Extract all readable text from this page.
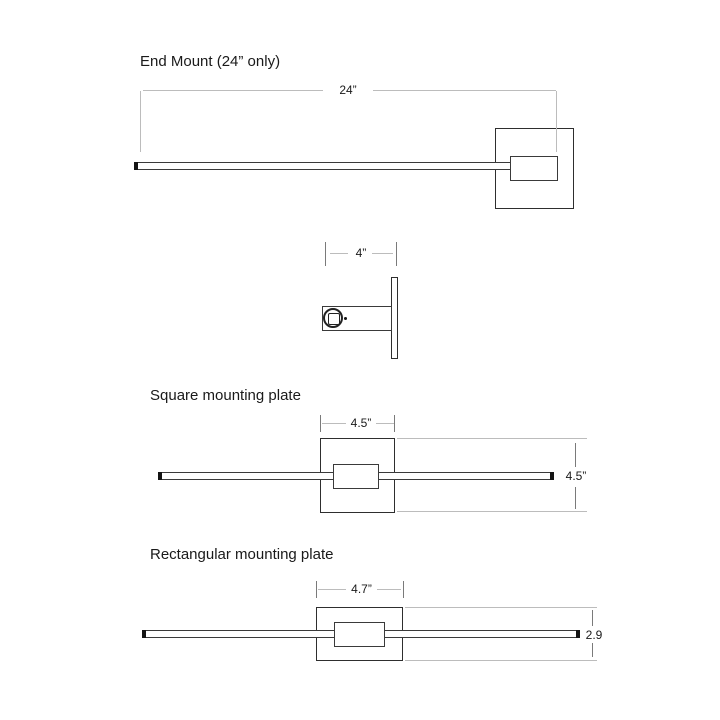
End Mount (24” only)
24”
4”
Square mounting plate
4.5”
4.5”
Rectangular mounting plate
4.7”
2.9
